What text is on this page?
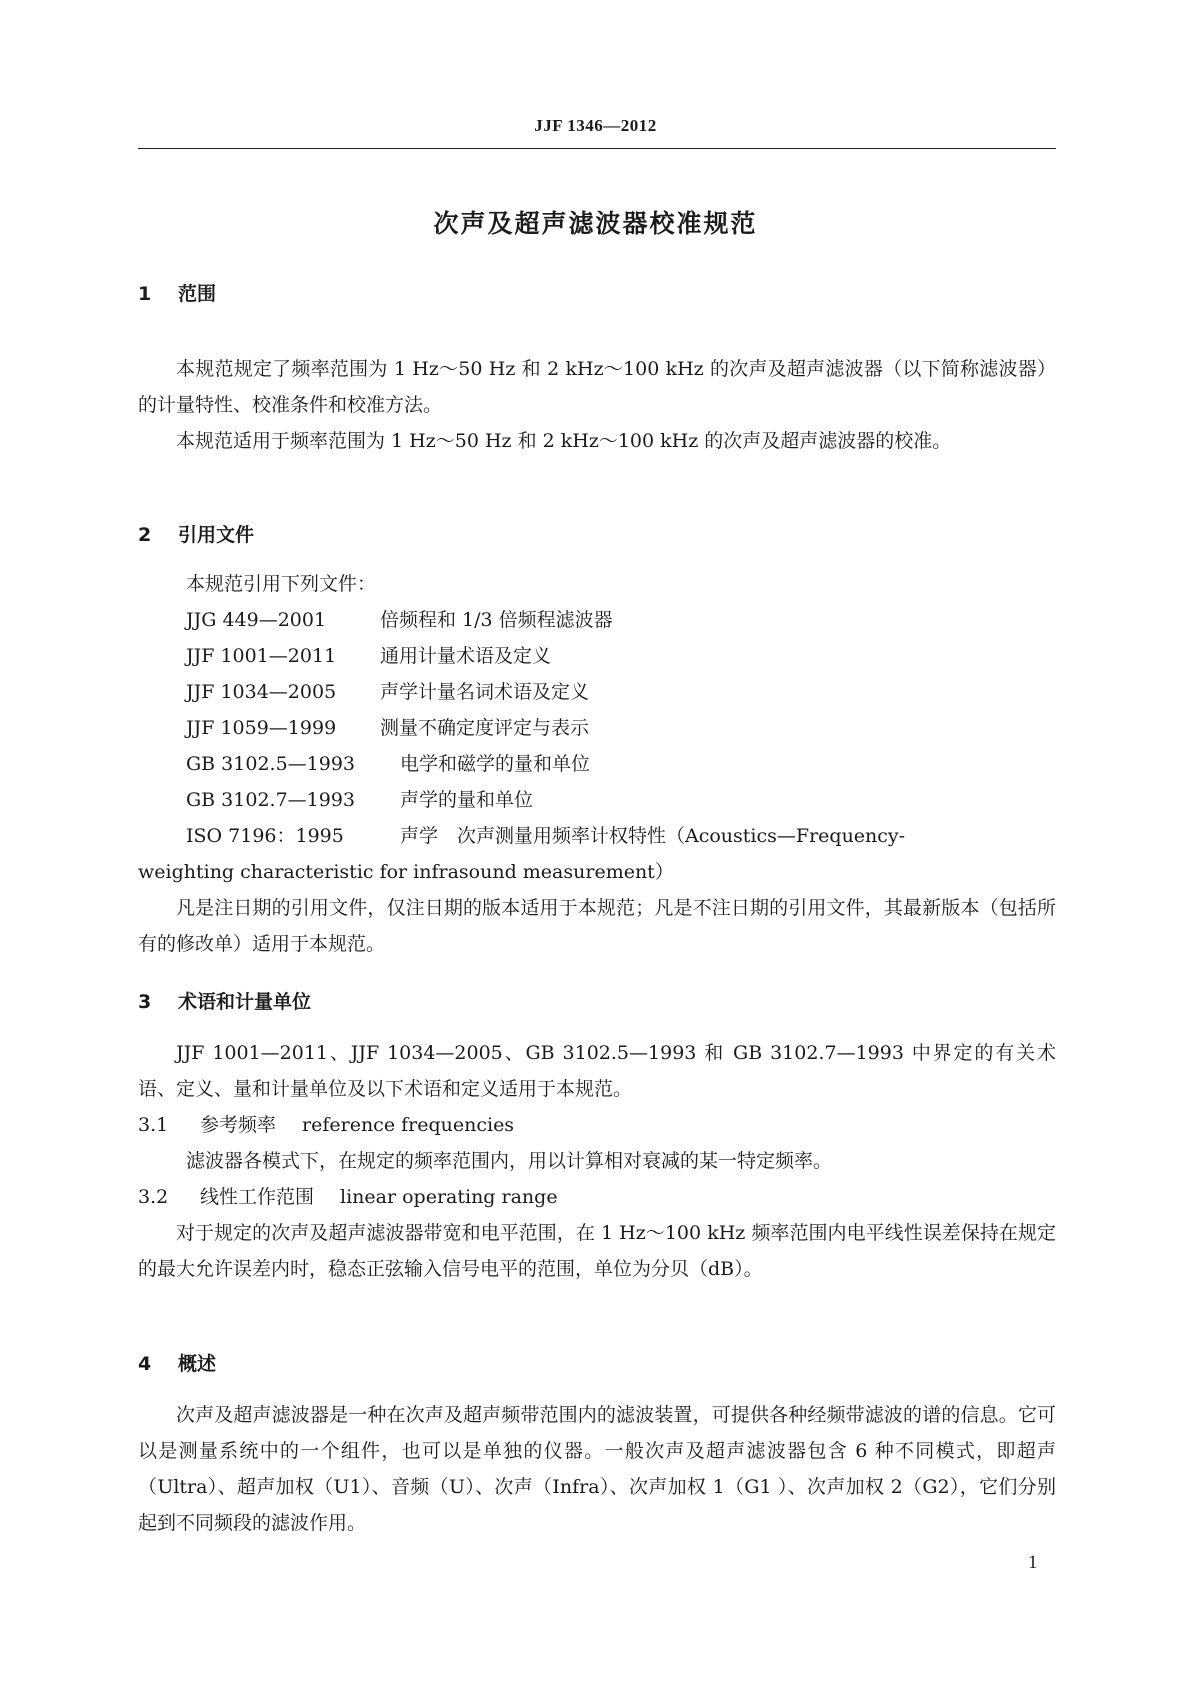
JJF 1346—2012
次声及超声滤波器校准规范
1 范围
本规范规定了频率范围为 1 Hz～50 Hz 和 2 kHz～100 kHz 的次声及超声滤波器（以下简称滤波器）的计量特性、校准条件和校准方法。
本规范适用于频率范围为 1 Hz～50 Hz 和 2 kHz～100 kHz 的次声及超声滤波器的校准。
2 引用文件
本规范引用下列文件：
JJG 449—2001	倍频程和 1/3 倍频程滤波器
JJF 1001—2011 通用计量术语及定义
JJF 1034—2005 声学计量名词术语及定义
JJF 1059—1999 测量不确定度评定与表示
GB 3102.5—1993 电学和磁学的量和单位
GB 3102.7—1993 声学的量和单位
ISO 7196：1995	声学　次声测量用频率计权特性（Acoustics—Frequency-
weighting characteristic for infrasound measurement）
凡是注日期的引用文件，仅注日期的版本适用于本规范；凡是不注日期的引用文件，其最新版本（包括所有的修改单）适用于本规范。
3 术语和计量单位
JJF 1001—2011、JJF 1034—2005、GB 3102.5—1993 和 GB 3102.7—1993 中界定的有关术语、定义、量和计量单位及以下术语和定义适用于本规范。
3.1 参考频率 reference frequencies
滤波器各模式下，在规定的频率范围内，用以计算相对衰减的某一特定频率。
3.2 线性工作范围 linear operating range
对于规定的次声及超声滤波器带宽和电平范围，在 1 Hz～100 kHz 频率范围内电平线性误差保持在规定的最大允许误差内时，稳态正弦输入信号电平的范围，单位为分贝（dB）。
4 概述
次声及超声滤波器是一种在次声及超声频带范围内的滤波装置，可提供各种经频带滤波的谱的信息。它可以是测量系统中的一个组件，也可以是单独的仪器。一般次声及超声滤波器包含 6 种不同模式，即超声（Ultra）、超声加权（U1）、音频（U）、次声（Infra）、次声加权 1（G1 ）、次声加权 2（G2），它们分别起到不同频段的滤波作用。
1
